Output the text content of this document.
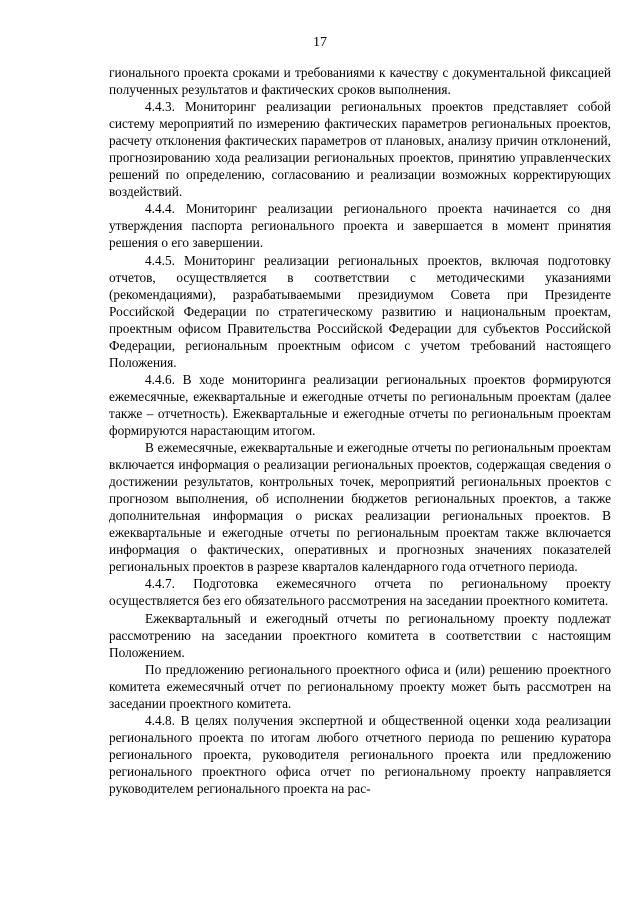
17

гионального проекта сроками и требованиями к качеству с документальной фиксацией полученных результатов и фактических сроков выполнения.

4.4.3. Мониторинг реализации региональных проектов представляет собой систему мероприятий по измерению фактических параметров региональных проектов, расчету отклонения фактических параметров от плановых, анализу причин отклонений, прогнозированию хода реализации региональных проектов, принятию управленческих решений по определению, согласованию и реализации возможных корректирующих воздействий.

4.4.4. Мониторинг реализации регионального проекта начинается со дня утверждения паспорта регионального проекта и завершается в момент принятия решения о его завершении.

4.4.5. Мониторинг реализации региональных проектов, включая подготовку отчетов, осуществляется в соответствии с методическими указаниями (рекомендациями), разрабатываемыми президиумом Совета при Президенте Российской Федерации по стратегическому развитию и национальным проектам, проектным офисом Правительства Российской Федерации для субъектов Российской Федерации, региональным проектным офисом с учетом требований настоящего Положения.

4.4.6. В ходе мониторинга реализации региональных проектов формируются ежемесячные, ежеквартальные и ежегодные отчеты по региональным проектам (далее также – отчетность). Ежеквартальные и ежегодные отчеты по региональным проектам формируются нарастающим итогом.

В ежемесячные, ежеквартальные и ежегодные отчеты по региональным проектам включается информация о реализации региональных проектов, содержащая сведения о достижении результатов, контрольных точек, мероприятий региональных проектов с прогнозом выполнения, об исполнении бюджетов региональных проектов, а также дополнительная информация о рисках реализации региональных проектов. В ежеквартальные и ежегодные отчеты по региональным проектам также включается информация о фактических, оперативных и прогнозных значениях показателей региональных проектов в разрезе кварталов календарного года отчетного периода.

4.4.7. Подготовка ежемесячного отчета по региональному проекту осуществляется без его обязательного рассмотрения на заседании проектного комитета.

Ежеквартальный и ежегодный отчеты по региональному проекту подлежат рассмотрению на заседании проектного комитета в соответствии с настоящим Положением.

По предложению регионального проектного офиса и (или) решению проектного комитета ежемесячный отчет по региональному проекту может быть рассмотрен на заседании проектного комитета.

4.4.8. В целях получения экспертной и общественной оценки хода реализации регионального проекта по итогам любого отчетного периода по решению куратора регионального проекта, руководителя регионального проекта или предложению регионального проектного офиса отчет по региональному проекту направляется руководителем регионального проекта на рас-
